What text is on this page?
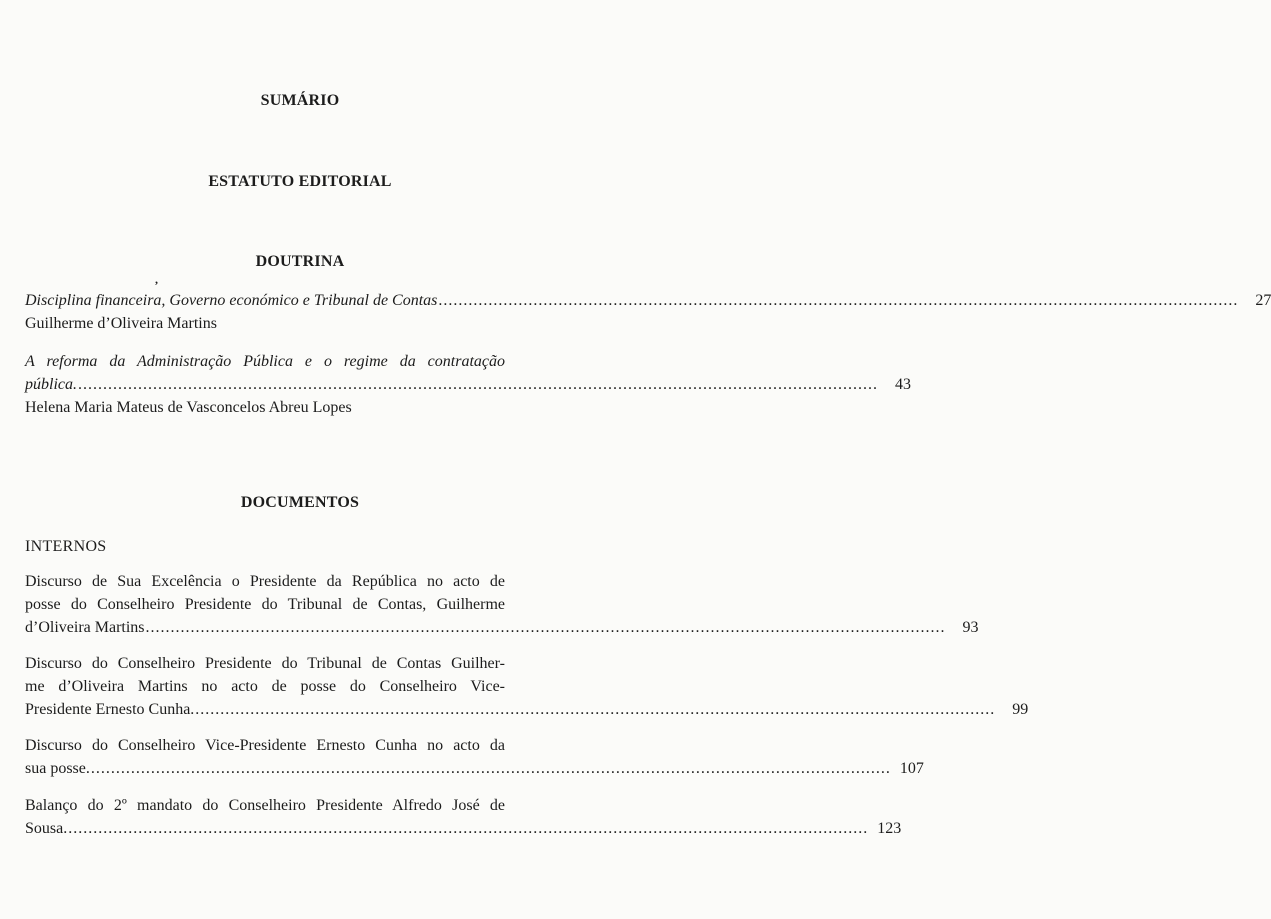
SUMÁRIO
ESTATUTO EDITORIAL
DOUTRINA
,
Disciplina financeira, Governo económico e Tribunal de Contas ................................................................................................................................................................	27
Guilherme d’Oliveira Martins
A reforma da Administração Pública e o regime da contratação
pública. ................................................................................................................................................................	43
Helena Maria Mateus de Vasconcelos Abreu Lopes
DOCUMENTOS
INTERNOS
Discurso de Sua Excelência o Presidente da República no acto de
posse do Conselheiro Presidente do Tribunal de Contas, Guilherme
d’Oliveira Martins ................................................................................................................................................................	93
Discurso do Conselheiro Presidente do Tribunal de Contas Guilher-
me d’Oliveira Martins no acto de posse do Conselheiro Vice-
Presidente Ernesto Cunha. ................................................................................................................................................................	99
Discurso do Conselheiro Vice-Presidente Ernesto Cunha no acto da
sua posse. ................................................................................................................................................................ 107
Balanço do 2º mandato do Conselheiro Presidente Alfredo José de
Sousa. ................................................................................................................................................................ 123
